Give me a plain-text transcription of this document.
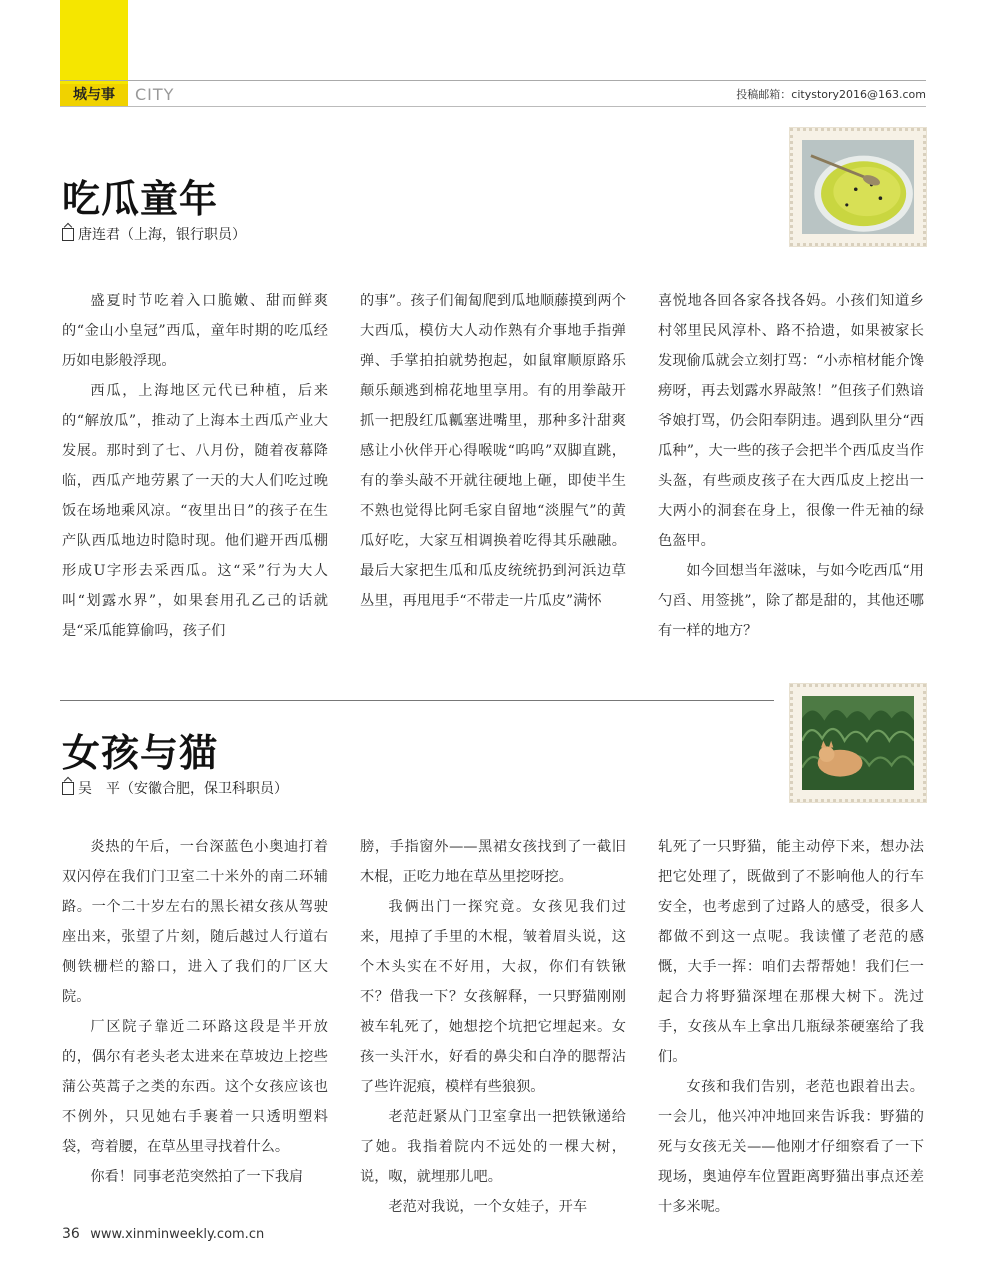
城与事	CITY	投稿邮箱：citystory2016@163.com
吃瓜童年
唐连君（上海，银行职员）

盛夏时节吃着入口脆嫩、甜而鲜爽的“金山小皇冠”西瓜，童年时期的吃瓜经历如电影般浮现。

西瓜，上海地区元代已种植，后来的“解放瓜”，推动了上海本土西瓜产业大发展。那时到了七、八月份，随着夜幕降临，西瓜产地劳累了一天的大人们吃过晚饭在场地乘风凉。“夜里出日”的孩子在生产队西瓜地边时隐时现。他们避开西瓜棚形成U字形去采西瓜。这“采”行为大人叫“划露水界”，如果套用孔乙己的话就是“采瓜能算偷吗，孩子们

的事”。孩子们匍匐爬到瓜地顺藤摸到两个大西瓜，模仿大人动作熟有介事地手指弹弹、手掌拍拍就势抱起，如鼠窜顺原路乐颠乐颠逃到棉花地里享用。有的用拳敲开抓一把殷红瓜瓤塞进嘴里，那种多汁甜爽感让小伙伴开心得喉咙“呜呜”双脚直跳，有的拳头敲不开就往硬地上砸，即使半生不熟也觉得比阿毛家自留地“淡腥气”的黄瓜好吃，大家互相调换着吃得其乐融融。最后大家把生瓜和瓜皮统统扔到河浜边草丛里，再甩甩手“不带走一片瓜皮”满怀

喜悦地各回各家各找各妈。小孩们知道乡村邻里民风淳朴、路不拾遗，如果被家长发现偷瓜就会立刻打骂：“小赤棺材能介馋痨呀，再去划露水界敲煞！”但孩子们熟谙爷娘打骂，仍会阳奉阴违。遇到队里分“西瓜种”，大一些的孩子会把半个西瓜皮当作头盔，有些顽皮孩子在大西瓜皮上挖出一大两小的洞套在身上，很像一件无袖的绿色盔甲。

如今回想当年滋味，与如今吃西瓜“用勺舀、用签挑”，除了都是甜的，其他还哪有一样的地方？

女孩与猫
吴　平（安徽合肥，保卫科职员）

炎热的午后，一台深蓝色小奥迪打着双闪停在我们门卫室二十米外的南二环辅路。一个二十岁左右的黑长裙女孩从驾驶座出来，张望了片刻，随后越过人行道右侧铁栅栏的豁口，进入了我们的厂区大院。

厂区院子靠近二环路这段是半开放的，偶尔有老头老太进来在草坡边上挖些蒲公英蒿子之类的东西。这个女孩应该也不例外，只见她右手裹着一只透明塑料袋，弯着腰，在草丛里寻找着什么。

你看！同事老范突然拍了一下我肩

膀，手指窗外——黑裙女孩找到了一截旧木棍，正吃力地在草丛里挖呀挖。

我俩出门一探究竟。女孩见我们过来，甩掉了手里的木棍，皱着眉头说，这个木头实在不好用，大叔，你们有铁锹不？借我一下？女孩解释，一只野猫刚刚被车轧死了，她想挖个坑把它埋起来。女孩一头汗水，好看的鼻尖和白净的腮帮沾了些许泥痕，模样有些狼狈。

老范赶紧从门卫室拿出一把铁锹递给了她。我指着院内不远处的一棵大树，说，呶，就埋那儿吧。

老范对我说，一个女娃子，开车

轧死了一只野猫，能主动停下来，想办法把它处理了，既做到了不影响他人的行车安全，也考虑到了过路人的感受，很多人都做不到这一点呢。我读懂了老范的感慨，大手一挥：咱们去帮帮她！我们仨一起合力将野猫深埋在那棵大树下。洗过手，女孩从车上拿出几瓶绿茶硬塞给了我们。

女孩和我们告别，老范也跟着出去。一会儿，他兴冲冲地回来告诉我：野猫的死与女孩无关——他刚才仔细察看了一下现场，奥迪停车位置距离野猫出事点还差十多米呢。

36 www.xinminweekly.com.cn
